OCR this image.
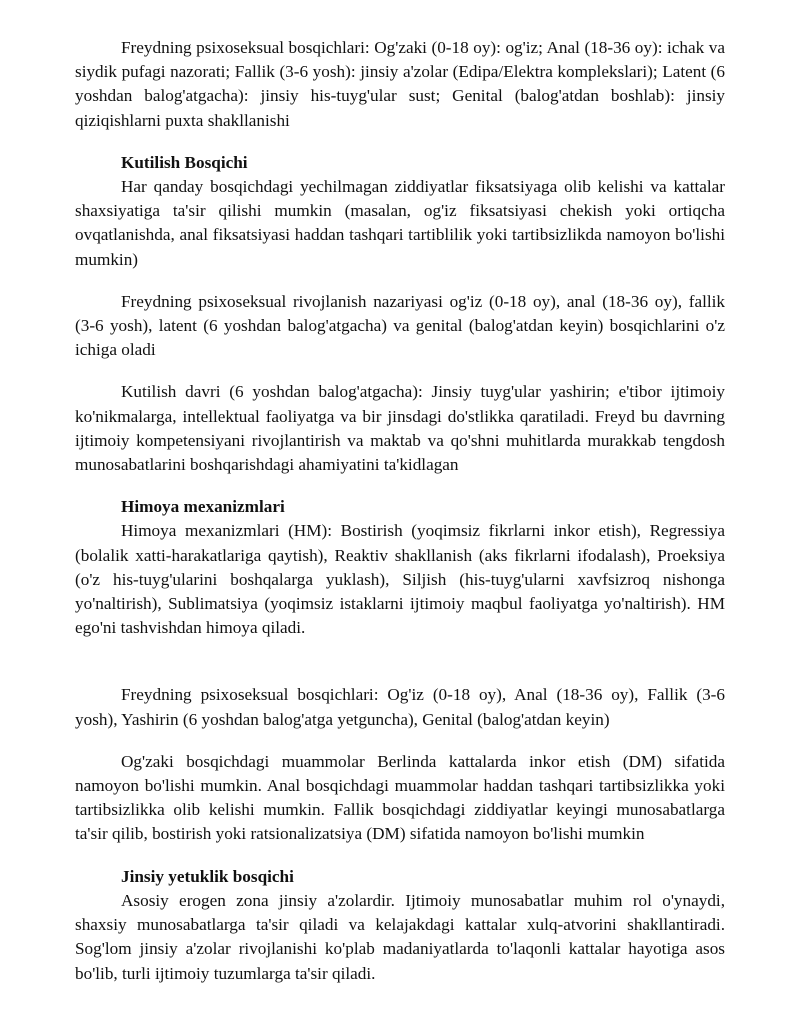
Freydning psixoseksual bosqichlari: Og'zaki (0-18 oy): og'iz; Anal (18-36 oy): ichak va siydik pufagi nazorati; Fallik (3-6 yosh): jinsiy a'zolar (Edipa/Elektra komplekslari); Latent (6 yoshdan balog'atgacha): jinsiy his-tuyg'ular sust; Genital (balog'atdan boshlab): jinsiy qiziqishlarni puxta shakllanishi

Kutilish Bosqichi

Har qanday bosqichdagi yechilmagan ziddiyatlar fiksatsiyaga olib kelishi va kattalar shaxsiyatiga ta'sir qilishi mumkin (masalan, og'iz fiksatsiyasi chekish yoki ortiqcha ovqatlanishda, anal fiksatsiyasi haddan tashqari tartiblilik yoki tartibsizlikda namoyon bo'lishi mumkin)

Freydning psixoseksual rivojlanish nazariyasi og'iz (0-18 oy), anal (18-36 oy), fallik (3-6 yosh), latent (6 yoshdan balog'atgacha) va genital (balog'atdan keyin) bosqichlarini o'z ichiga oladi

Kutilish davri (6 yoshdan balog'atgacha): Jinsiy tuyg'ular yashirin; e'tibor ijtimoiy ko'nikmalarga, intellektual faoliyatga va bir jinsdagi do'stlikka qaratiladi. Freyd bu davrning ijtimoiy kompetensiyani rivojlantirish va maktab va qo'shni muhitlarda murakkab tengdosh munosabatlarini boshqarishdagi ahamiyatini ta'kidlagan

Himoya mexanizmlari

Himoya mexanizmlari (HM): Bostirish (yoqimsiz fikrlarni inkor etish), Regressiya (bolalik xatti-harakatlariga qaytish), Reaktiv shakllanish (aks fikrlarni ifodalash), Proeksiya (o'z his-tuyg'ularini boshqalarga yuklash), Siljish (his-tuyg'ularni xavfsizroq nishonga yo'naltirish), Sublimatsiya (yoqimsiz istaklarni ijtimoiy maqbul faoliyatga yo'naltirish). HM ego'ni tashvishdan himoya qiladi.

Freydning psixoseksual bosqichlari: Og'iz (0-18 oy), Anal (18-36 oy), Fallik (3-6 yosh), Yashirin (6 yoshdan balog'atga yetguncha), Genital (balog'atdan keyin)

Og'zaki bosqichdagi muammolar Berlinda kattalarda inkor etish (DM) sifatida namoyon bo'lishi mumkin. Anal bosqichdagi muammolar haddan tashqari tartibsizlikka yoki tartibsizlikka olib kelishi mumkin. Fallik bosqichdagi ziddiyatlar keyingi munosabatlarga ta'sir qilib, bostirish yoki ratsionalizatsiya (DM) sifatida namoyon bo'lishi mumkin

Jinsiy yetuklik bosqichi

Asosiy erogen zona jinsiy a'zolardir. Ijtimoiy munosabatlar muhim rol o'ynaydi, shaxsiy munosabatlarga ta'sir qiladi va kelajakdagi kattalar xulq-atvorini shakllantiradi. Sog'lom jinsiy a'zolar rivojlanishi ko'plab madaniyatlarda to'laqonli kattalar hayotiga asos bo'lib, turli ijtimoiy tuzumlarga ta'sir qiladi.
